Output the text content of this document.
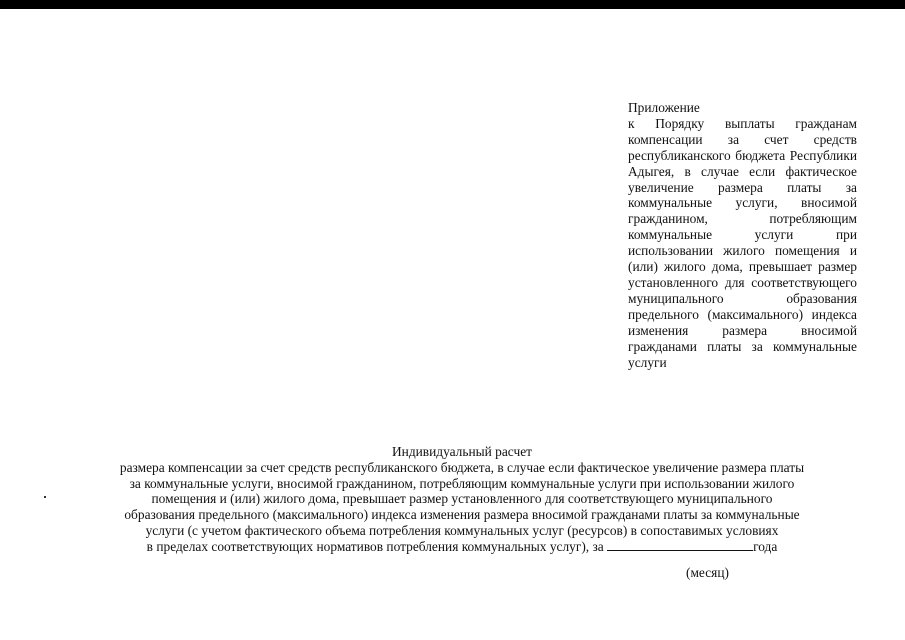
Приложение
к Порядку выплаты гражданам компенсации за счет средств республиканского бюджета Республики Адыгея, в случае если фактическое увеличение размера платы за коммунальные услуги, вносимой гражданином, потребляющим коммунальные услуги при использовании жилого помещения и (или) жилого дома, превышает размер установленного для соответствующего муниципального образования предельного (максимального) индекса изменения размера вносимой гражданами платы за коммунальные услуги
Индивидуальный расчет
размера компенсации за счет средств республиканского бюджета, в случае если фактическое увеличение размера платы
за коммунальные услуги, вносимой гражданином, потребляющим коммунальные услуги при использовании жилого
помещения и (или) жилого дома, превышает размер установленного для соответствующего муниципального
образования предельного (максимального) индекса изменения размера вносимой гражданами платы за коммунальные
услуги (с учетом фактического объема потребления коммунальных услуг (ресурсов) в сопоставимых условиях
в пределах соответствующих нормативов потребления коммунальных услуг), за	года
(месяц)
